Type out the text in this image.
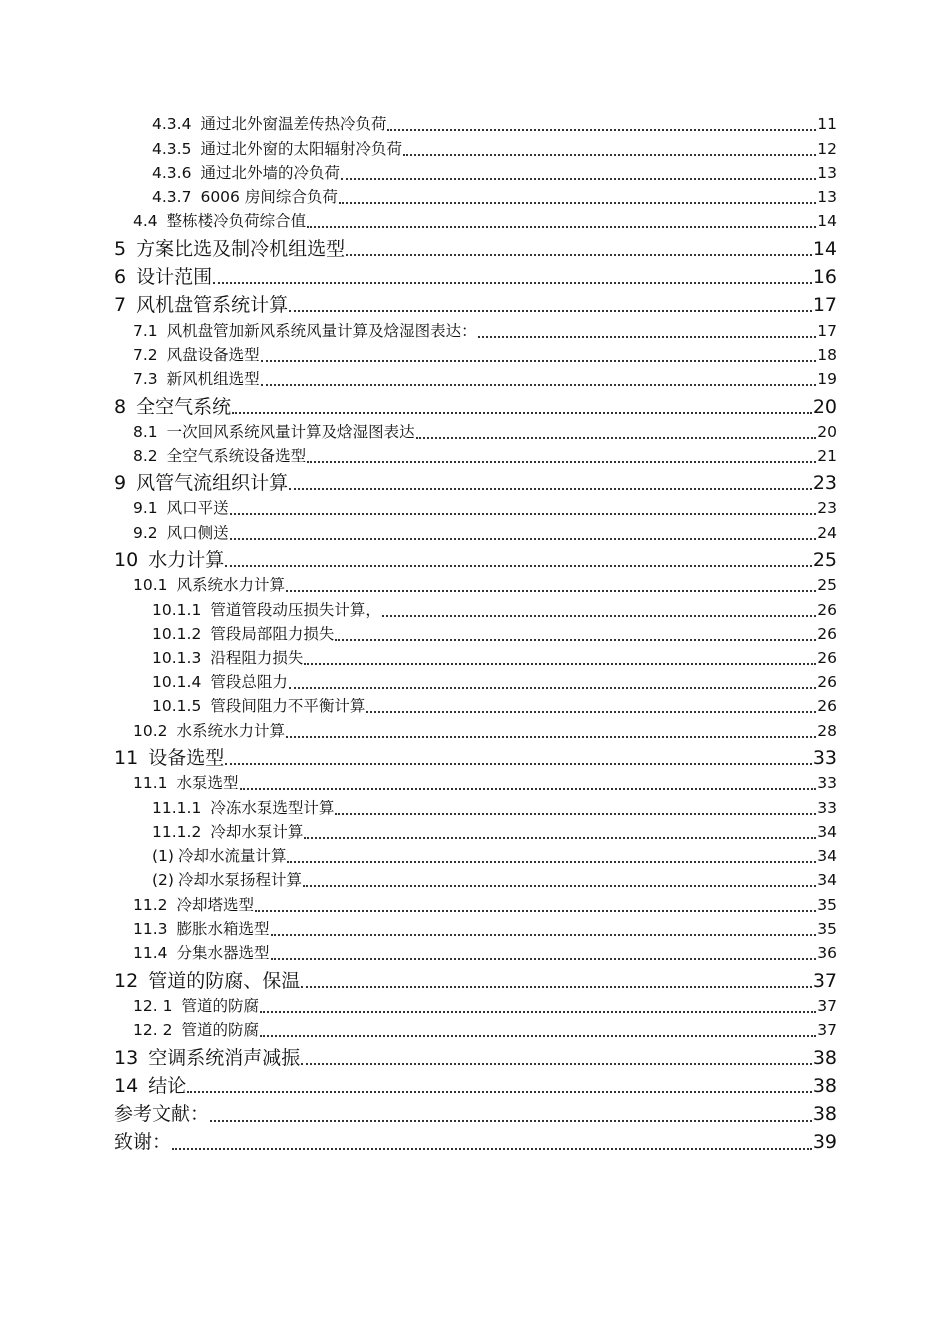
4.3.4 通过北外窗温差传热冷负荷	11
4.3.5 通过北外窗的太阳辐射冷负荷	12
4.3.6 通过北外墙的冷负荷	13
4.3.7 6006 房间综合负荷	13
4.4 整栋楼冷负荷综合值	14
5 方案比选及制冷机组选型	14
6 设计范围	16
7 风机盘管系统计算	17
7.1 风机盘管加新风系统风量计算及焓湿图表达：	17
7.2 风盘设备选型	18
7.3 新风机组选型	19
8 全空气系统	20
8.1 一次回风系统风量计算及焓湿图表达	20
8.2 全空气系统设备选型	21
9 风管气流组织计算	23
9.1 风口平送	23
9.2 风口侧送	24
10 水力计算	25
10.1 风系统水力计算	25
10.1.1 管道管段动压损失计算，	26
10.1.2 管段局部阻力损失	26
10.1.3 沿程阻力损失	26
10.1.4 管段总阻力	26
10.1.5 管段间阻力不平衡计算	26
10.2 水系统水力计算	28
11 设备选型	33
11.1 水泵选型	33
11.1.1 冷冻水泵选型计算	33
11.1.2 冷却水泵计算	34
(1) 冷却水流量计算	34
(2) 冷却水泵扬程计算	34
11.2 冷却塔选型	35
11.3 膨胀水箱选型	35
11.4 分集水器选型	36
12 管道的防腐、保温	37
12. 1 管道的防腐	37
12. 2 管道的防腐	37
13 空调系统消声减振	38
14 结论	38
参考文献：	38
致谢：	39
